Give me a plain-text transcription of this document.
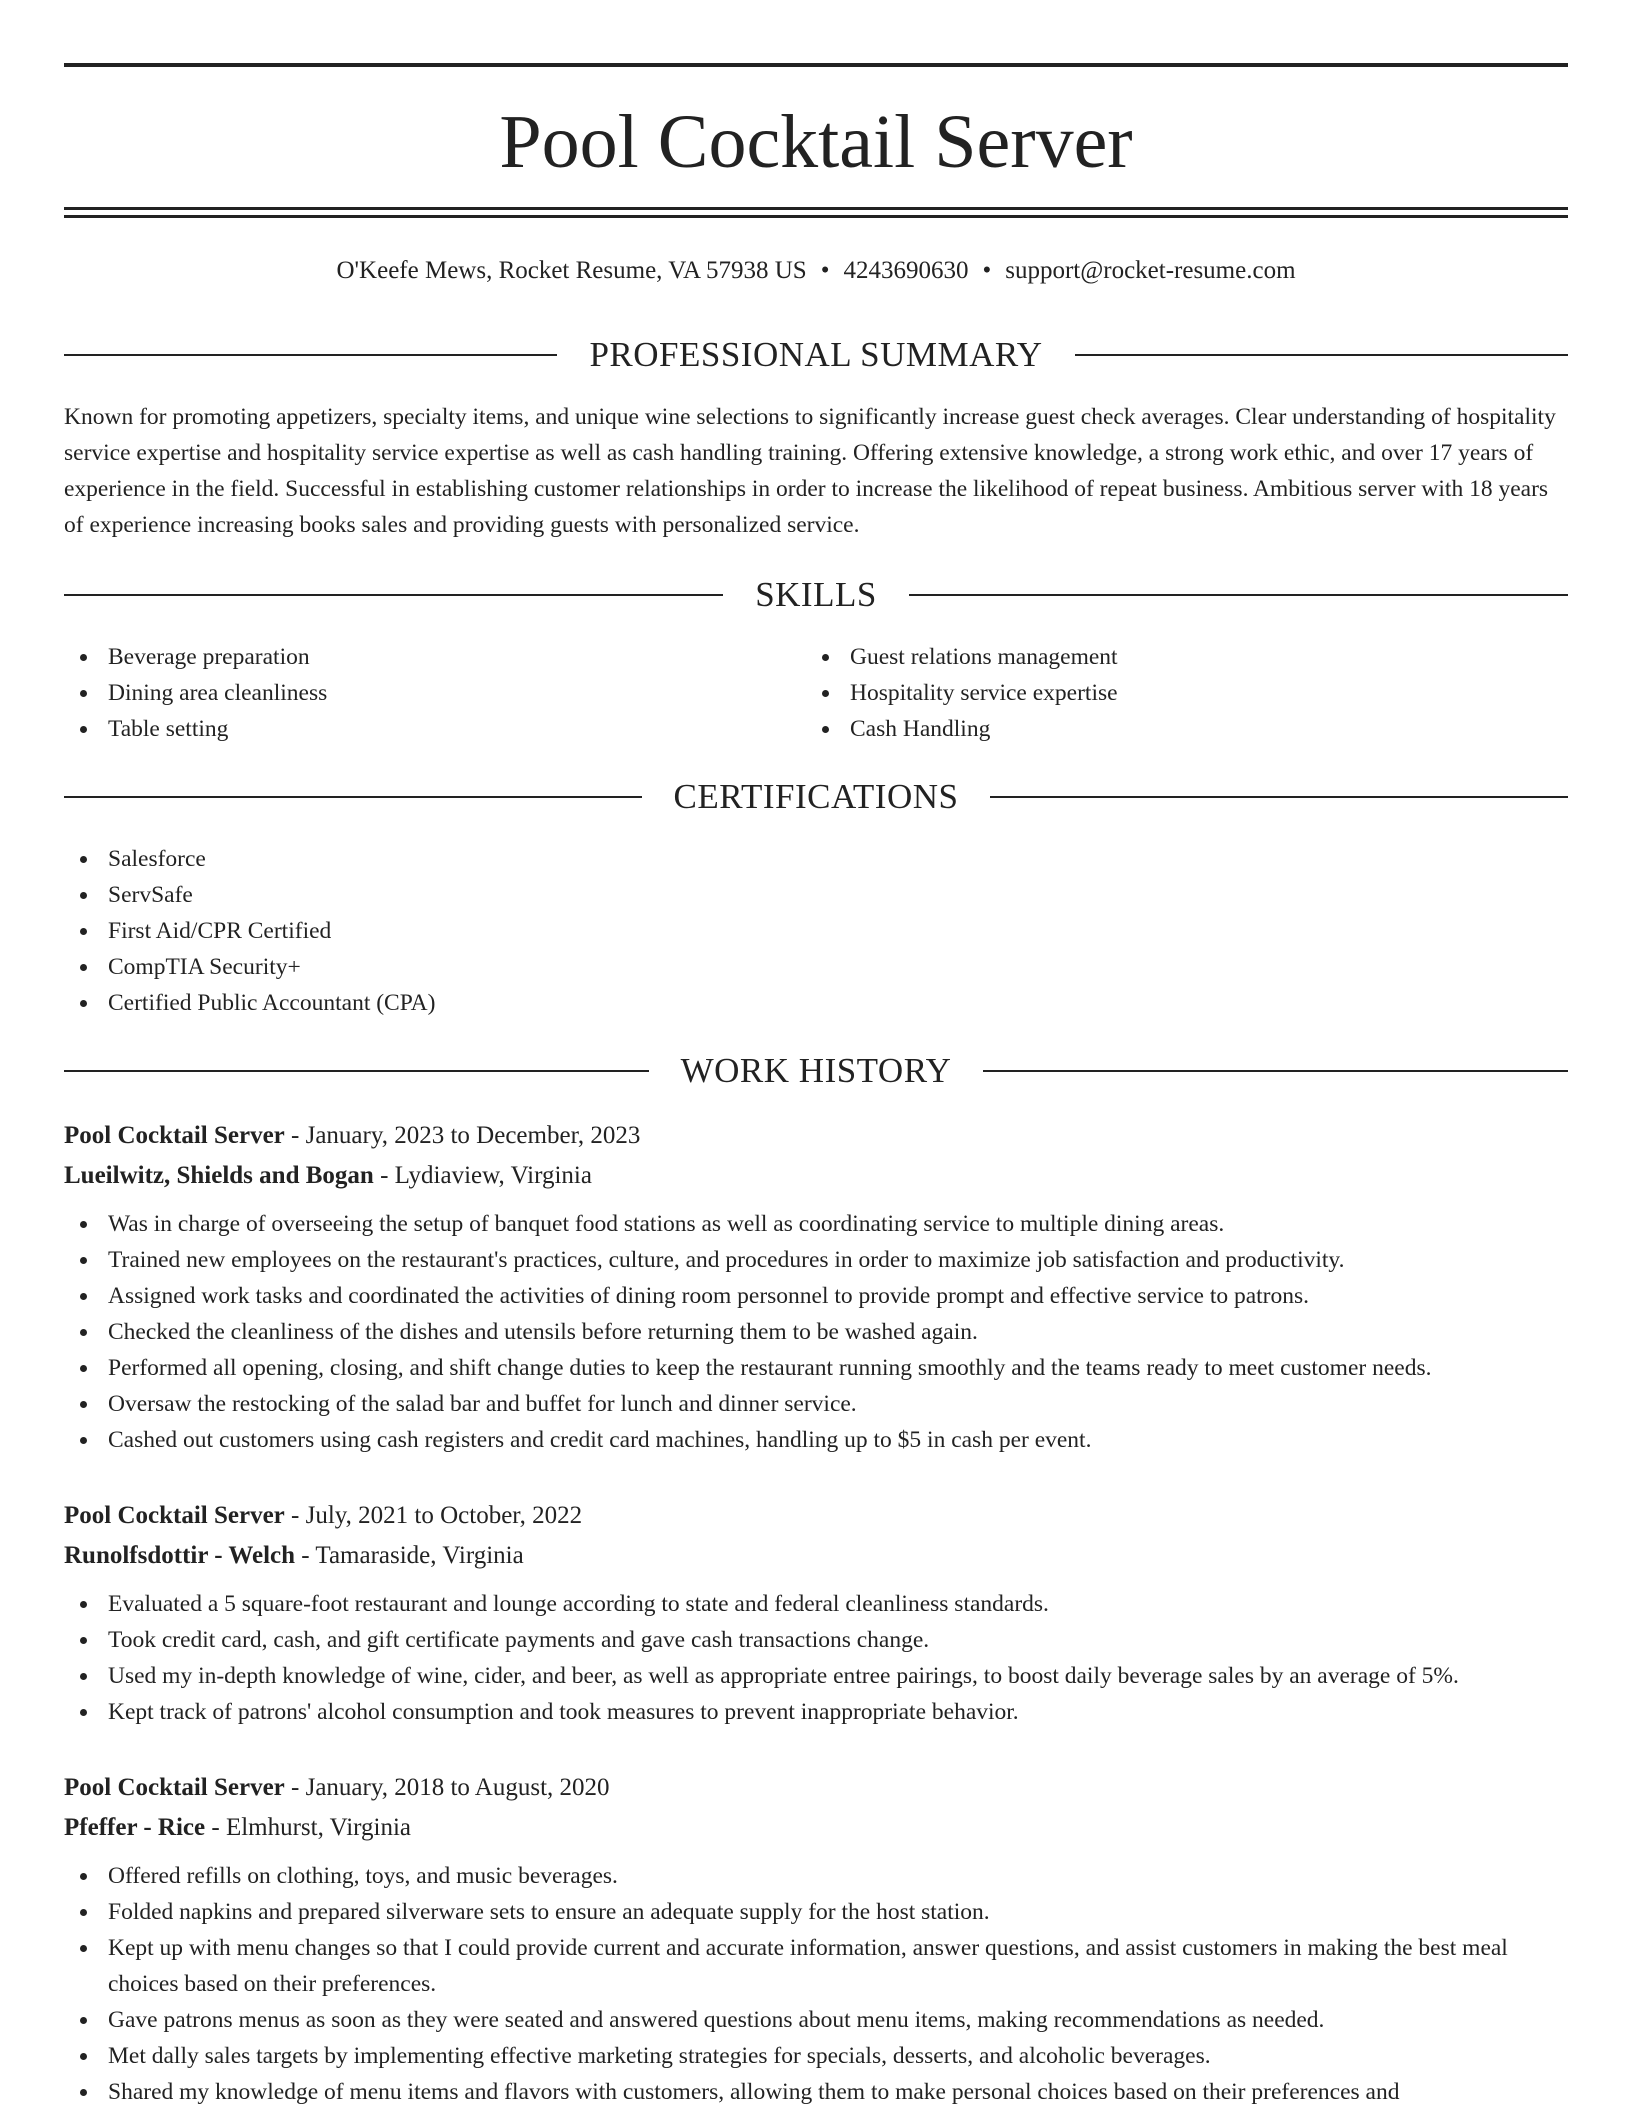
Pool Cocktail Server
O'Keefe Mews, Rocket Resume, VA 57938 US • 4243690630 • support@rocket-resume.com
PROFESSIONAL SUMMARY

Known for promoting appetizers, specialty items, and unique wine selections to significantly increase guest check averages. Clear understanding of hospitality service expertise and hospitality service expertise as well as cash handling training. Offering extensive knowledge, a strong work ethic, and over 17 years of experience in the field. Successful in establishing customer relationships in order to increase the likelihood of repeat business. Ambitious server with 18 years of experience increasing books sales and providing guests with personalized service.

SKILLS
Beverage preparation
Dining area cleanliness
Table setting
Guest relations management
Hospitality service expertise
Cash Handling
CERTIFICATIONS
Salesforce
ServSafe
First Aid/CPR Certified
CompTIA Security+
Certified Public Accountant (CPA)
WORK HISTORY
Pool Cocktail Server - January, 2023 to December, 2023
Lueilwitz, Shields and Bogan - Lydiaview, Virginia
Was in charge of overseeing the setup of banquet food stations as well as coordinating service to multiple dining areas.
Trained new employees on the restaurant's practices, culture, and procedures in order to maximize job satisfaction and productivity.
Assigned work tasks and coordinated the activities of dining room personnel to provide prompt and effective service to patrons.
Checked the cleanliness of the dishes and utensils before returning them to be washed again.
Performed all opening, closing, and shift change duties to keep the restaurant running smoothly and the teams ready to meet customer needs.
Oversaw the restocking of the salad bar and buffet for lunch and dinner service.
Cashed out customers using cash registers and credit card machines, handling up to $5 in cash per event.
Pool Cocktail Server - July, 2021 to October, 2022
Runolfsdottir - Welch - Tamaraside, Virginia
Evaluated a 5 square-foot restaurant and lounge according to state and federal cleanliness standards.
Took credit card, cash, and gift certificate payments and gave cash transactions change.
Used my in-depth knowledge of wine, cider, and beer, as well as appropriate entree pairings, to boost daily beverage sales by an average of 5%.
Kept track of patrons' alcohol consumption and took measures to prevent inappropriate behavior.
Pool Cocktail Server - January, 2018 to August, 2020
Pfeffer - Rice - Elmhurst, Virginia
Offered refills on clothing, toys, and music beverages.
Folded napkins and prepared silverware sets to ensure an adequate supply for the host station.
Kept up with menu changes so that I could provide current and accurate information, answer questions, and assist customers in making the best meal choices based on their preferences.
Gave patrons menus as soon as they were seated and answered questions about menu items, making recommendations as needed.
Met dally sales targets by implementing effective marketing strategies for specials, desserts, and alcoholic beverages.
Shared my knowledge of menu items and flavors with customers, allowing them to make personal choices based on their preferences and
